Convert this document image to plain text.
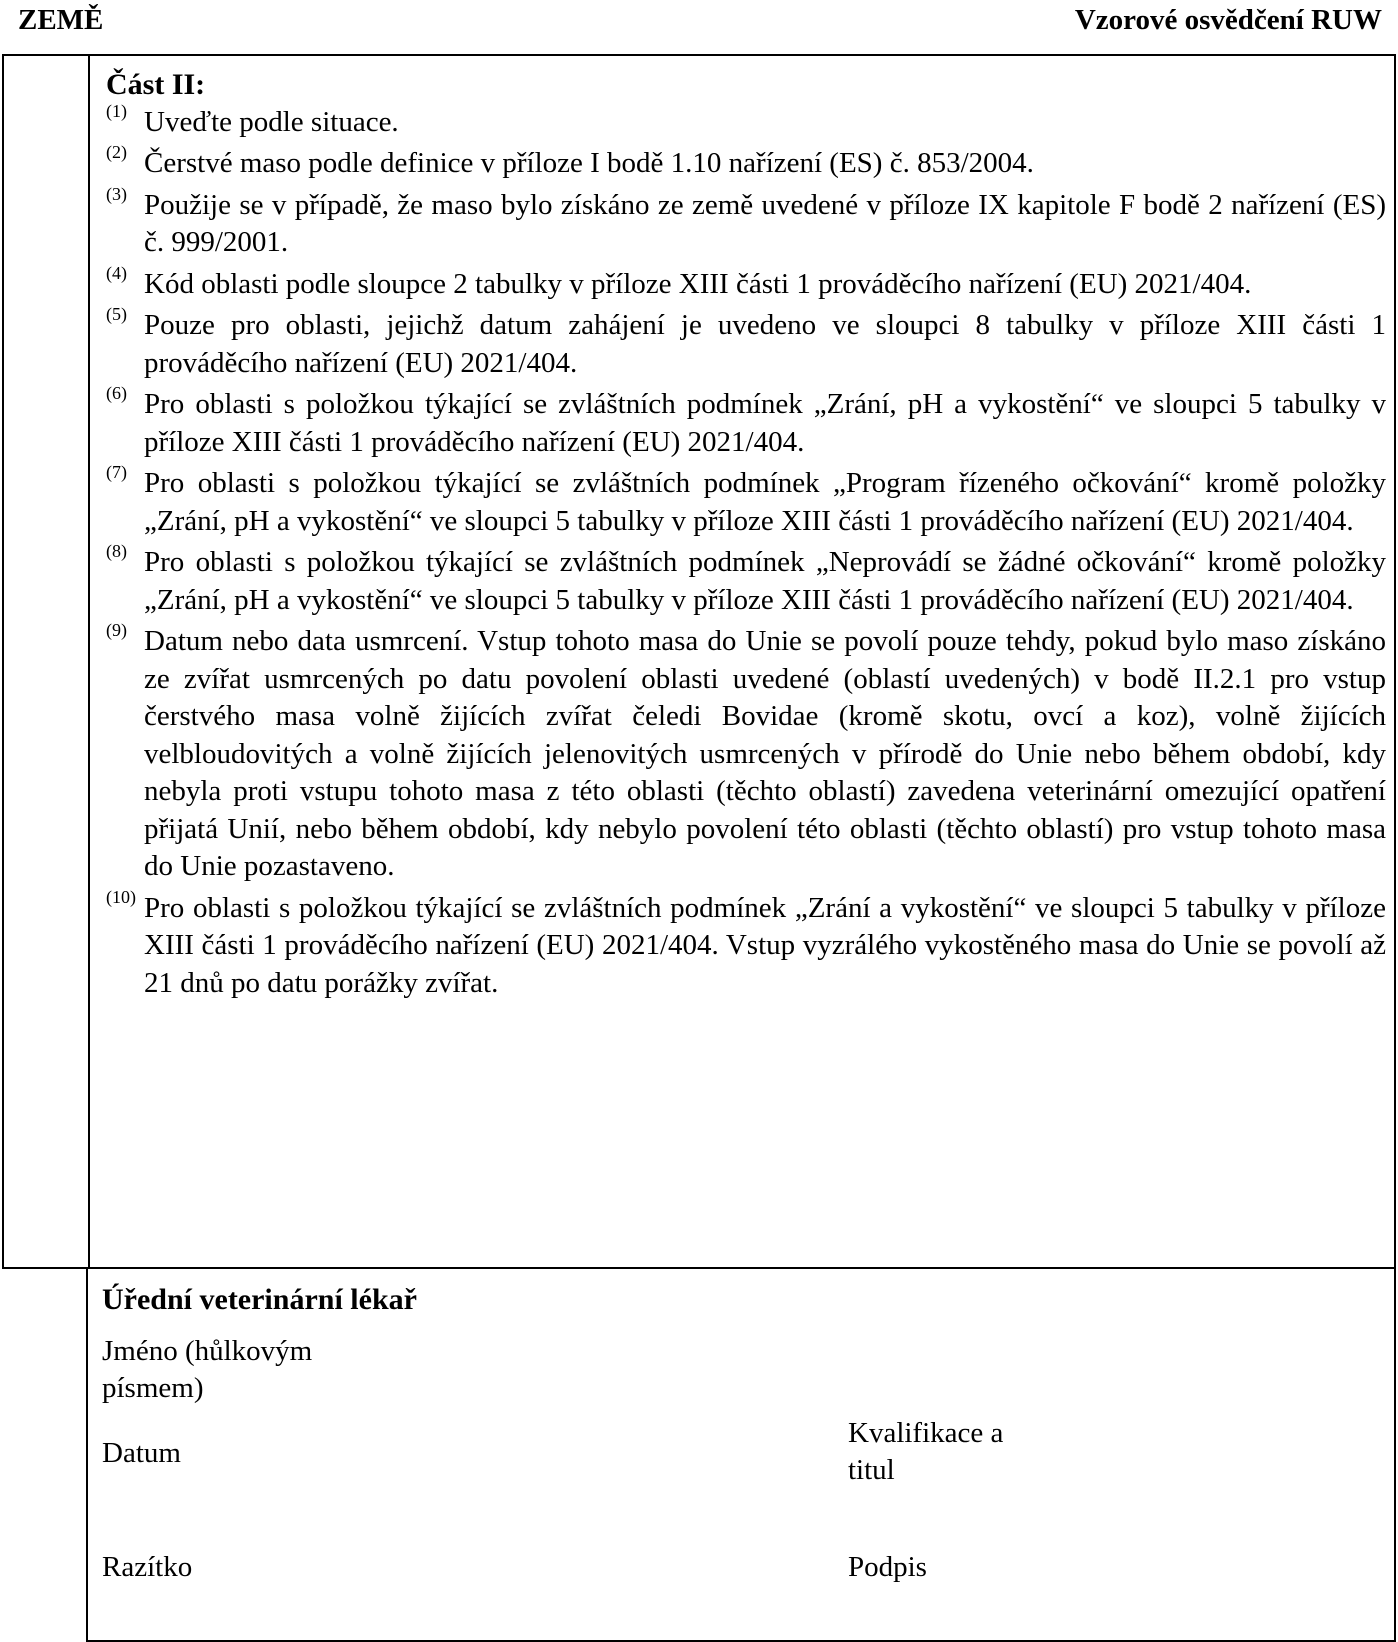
ZEMĚ	Vzorové osvědčení RUW
Část II:
(1) Uveďte podle situace.
(2) Čerstvé maso podle definice v příloze I bodě 1.10 nařízení (ES) č. 853/2004.
(3) Použije se v případě, že maso bylo získáno ze země uvedené v příloze IX kapitole F bodě 2 nařízení (ES) č. 999/2001.
(4) Kód oblasti podle sloupce 2 tabulky v příloze XIII části 1 prováděcího nařízení (EU) 2021/404.
(5) Pouze pro oblasti, jejichž datum zahájení je uvedeno ve sloupci 8 tabulky v příloze XIII části 1 prováděcího nařízení (EU) 2021/404.
(6) Pro oblasti s položkou týkající se zvláštních podmínek „Zrání, pH a vykostění“ ve sloupci 5 tabulky v příloze XIII části 1 prováděcího nařízení (EU) 2021/404.
(7) Pro oblasti s položkou týkající se zvláštních podmínek „Program řízeného očkování“ kromě položky „Zrání, pH a vykostění“ ve sloupci 5 tabulky v příloze XIII části 1 prováděcího nařízení (EU) 2021/404.
(8) Pro oblasti s položkou týkající se zvláštních podmínek „Neprovádí se žádné očkování“ kromě položky „Zrání, pH a vykostění“ ve sloupci 5 tabulky v příloze XIII části 1 prováděcího nařízení (EU) 2021/404.
(9) Datum nebo data usmrcení. Vstup tohoto masa do Unie se povolí pouze tehdy, pokud bylo maso získáno ze zvířat usmrcených po datu povolení oblasti uvedené (oblastí uvedených) v bodě II.2.1 pro vstup čerstvého masa volně žijících zvířat čeledi Bovidae (kromě skotu, ovcí a koz), volně žijících velbloudovitých a volně žijících jelenovitých usmrcených v přírodě do Unie nebo během období, kdy nebyla proti vstupu tohoto masa z této oblasti (těchto oblastí) zavedena veterinární omezující opatření přijatá Unií, nebo během období, kdy nebylo povolení této oblasti (těchto oblastí) pro vstup tohoto masa do Unie pozastaveno.
(10) Pro oblasti s položkou týkající se zvláštních podmínek „Zrání a vykostění“ ve sloupci 5 tabulky v příloze XIII části 1 prováděcího nařízení (EU) 2021/404. Vstup vyzrálého vykostěného masa do Unie se povolí až 21 dnů po datu porážky zvířat.
Úřední veterinární lékař
Jméno (hůlkovým písmem)
Datum
Kvalifikace a titul
Razítko	Podpis
